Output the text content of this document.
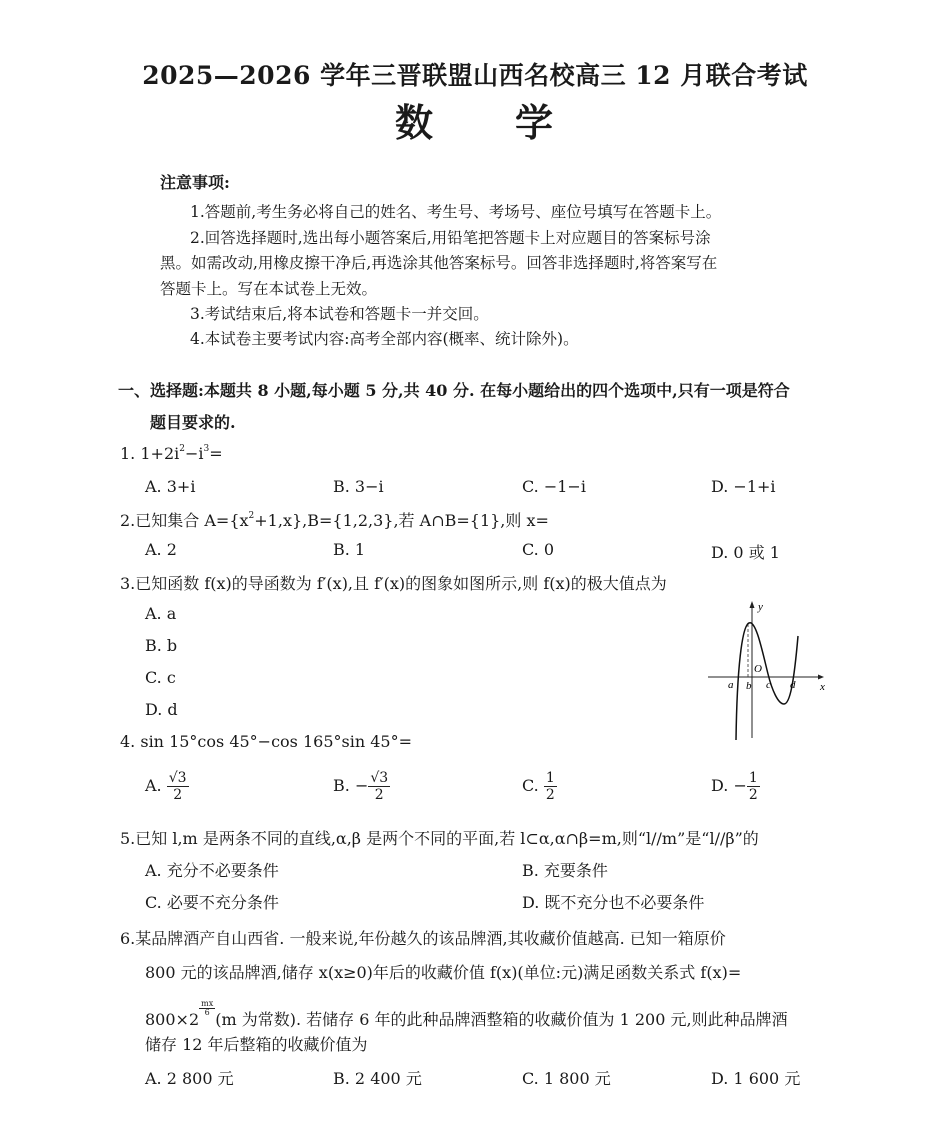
2025—2026 学年三晋联盟山西名校高三 12 月联合考试
数 学
注意事项:
1.答题前,考生务必将自己的姓名、考生号、考场号、座位号填写在答题卡上。
2.回答选择题时,选出每小题答案后,用铅笔把答题卡上对应题目的答案标号涂
黑。如需改动,用橡皮擦干净后,再选涂其他答案标号。回答非选择题时,将答案写在
答题卡上。写在本试卷上无效。
3.考试结束后,将本试卷和答题卡一并交回。
4.本试卷主要考试内容:高考全部内容(概率、统计除外)。
一、选择题:本题共 8 小题,每小题 5 分,共 40 分. 在每小题给出的四个选项中,只有一项是符合
题目要求的.
1. $1+2i^2-i^3=$
A. 3+i	B. 3−i	C. −1−i	D. −1+i
2.已知集合 $A=\{x^2+1,x\},B=\{1,2,3\}$,若 A∩B={1},则 x=
A. 2	B. 1	C. 0	D. 0 或 1
3.已知函数 f(x)的导函数为 f′(x),且 f′(x)的图象如图所示,则 f(x)的极大值点为
A. a
B. b
C. c
D. d
y
x
O
a b c d
4. sin 15°cos 45°−cos 165°sin 45°=
A. $\frac{√3}{2}$	B. − $\frac{√3}{2}$	C. $\frac{1}{2}$	D. − $\frac{1}{2}$
5.已知 l,m 是两条不同的直线,α,β 是两个不同的平面,若 l⊂α,α∩β=m,则“l//m”是“l//β”的
A. 充分不必要条件	B. 充要条件
C. 必要不充分条件	D. 既不充分也不必要条件
6.某品牌酒产自山西省. 一般来说,年份越久的该品牌酒,其收藏价值越高. 已知一箱原价
800 元的该品牌酒,储存 x(x≥0)年后的收藏价值 f(x)(单位:元)满足函数关系式 f(x)=
800×2
$\frac{mx}{6}$
(m 为常数). 若储存 6 年的此种品牌酒整箱的收藏价值为 1 200 元,则此种品牌酒
储存 12 年后整箱的收藏价值为
A. 2 800 元	B. 2 400 元	C. 1 800 元	D. 1 600 元
